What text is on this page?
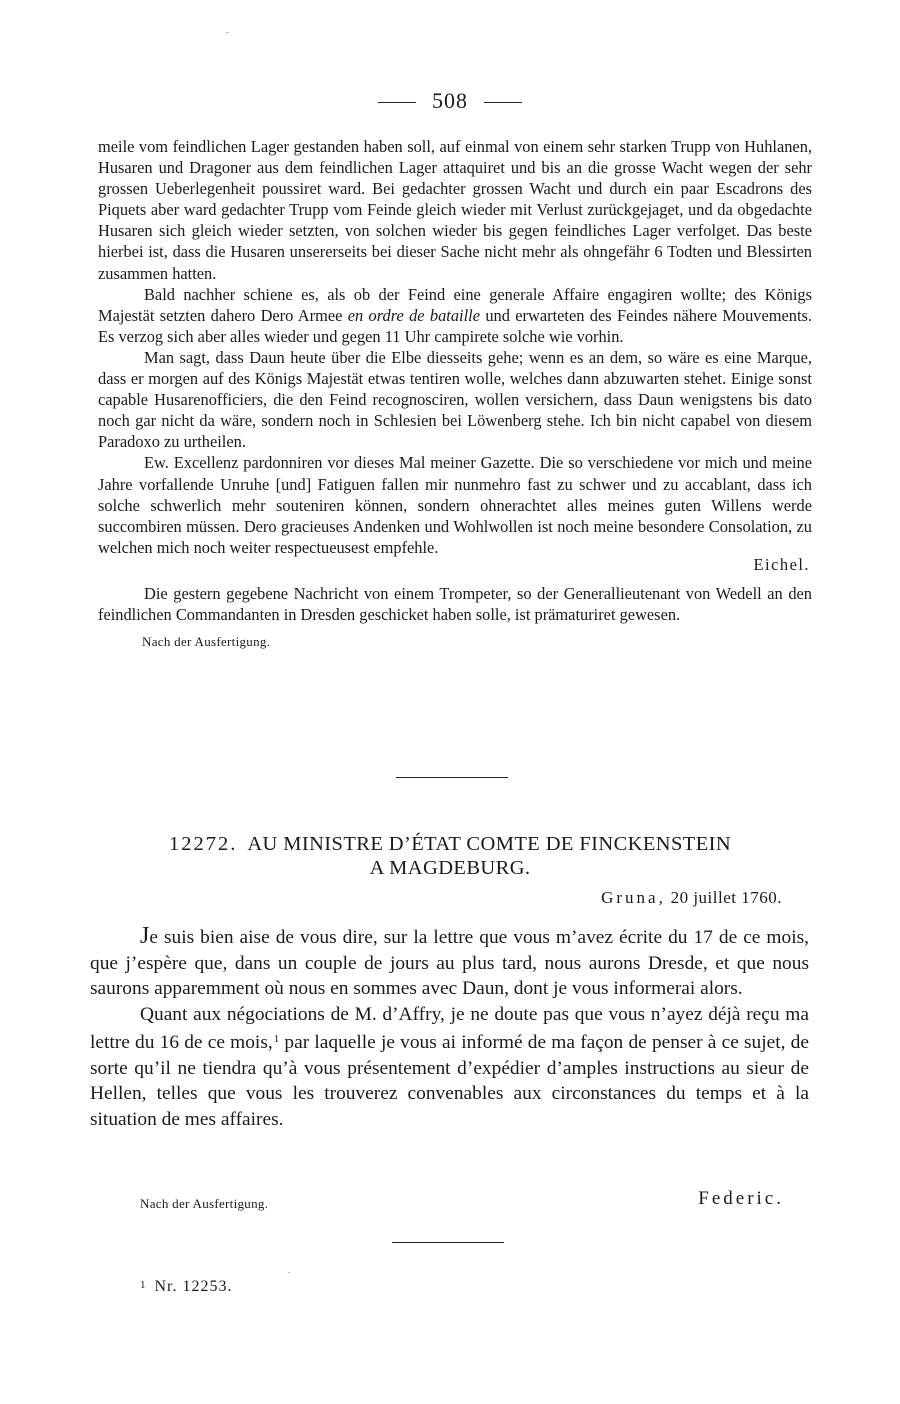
508

meile vom feindlichen Lager gestanden haben soll, auf einmal von einem sehr starken Trupp von Huhlanen, Husaren und Dragoner aus dem feindlichen Lager attaquiret und bis an die grosse Wacht wegen der sehr grossen Ueberlegenheit poussiret ward. Bei gedachter grossen Wacht und durch ein paar Escadrons des Piquets aber ward gedachter Trupp vom Feinde gleich wieder mit Verlust zurückgejaget, und da obgedachte Husaren sich gleich wieder setzten, von solchen wieder bis gegen feindliches Lager verfolget. Das beste hierbei ist, dass die Husaren unsererseits bei dieser Sache nicht mehr als ohngefähr 6 Todten und Blessirten zusammen hatten.

Bald nachher schiene es, als ob der Feind eine generale Affaire engagiren wollte; des Königs Majestät setzten dahero Dero Armee en ordre de bataille und erwarteten des Feindes nähere Mouvements. Es verzog sich aber alles wieder und gegen 11 Uhr campirete solche wie vorhin.

Man sagt, dass Daun heute über die Elbe diesseits gehe; wenn es an dem, so wäre es eine Marque, dass er morgen auf des Königs Majestät etwas tentiren wolle, welches dann abzuwarten stehet. Einige sonst capable Husarenofficiers, die den Feind recognosciren, wollen versichern, dass Daun wenigstens bis dato noch gar nicht da wäre, sondern noch in Schlesien bei Löwenberg stehe. Ich bin nicht capabel von diesem Paradoxo zu urtheilen.

Ew. Excellenz pardonniren vor dieses Mal meiner Gazette. Die so verschiedene vor mich und meine Jahre vorfallende Unruhe [und] Fatiguen fallen mir nunmehro fast zu schwer und zu accablant, dass ich solche schwerlich mehr souteniren können, sondern ohnerachtet alles meines guten Willens werde succombiren müssen. Dero gracieuses Andenken und Wohlwollen ist noch meine besondere Consolation, zu welchen mich noch weiter respectueusest empfehle.

Eichel.

Die gestern gegebene Nachricht von einem Trompeter, so der Generallieutenant von Wedell an den feindlichen Commandanten in Dresden geschicket haben solle, ist prämaturiret gewesen.

Nach der Ausfertigung.
12272. AU MINISTRE D’ÉTAT COMTE DE FINCKENSTEIN
A MAGDEBURG.
Gruna, 20 juillet 1760.

Je suis bien aise de vous dire, sur la lettre que vous m’avez écrite du 17 de ce mois, que j’espère que, dans un couple de jours au plus tard, nous aurons Dresde, et que nous saurons apparemment où nous en sommes avec Daun, dont je vous informerai alors.

Quant aux négociations de M. d’Affry, je ne doute pas que vous n’ayez déjà reçu ma lettre du 16 de ce mois,$^1$ par laquelle je vous ai informé de ma façon de penser à ce sujet, de sorte qu’il ne tiendra qu’à vous présentement d’expédier d’amples instructions au sieur de Hellen, telles que vous les trouverez convenables aux circonstances du temps et à la situation de mes affaires.

Nach der Ausfertigung.	Federic.
1 Nr. 12253.
